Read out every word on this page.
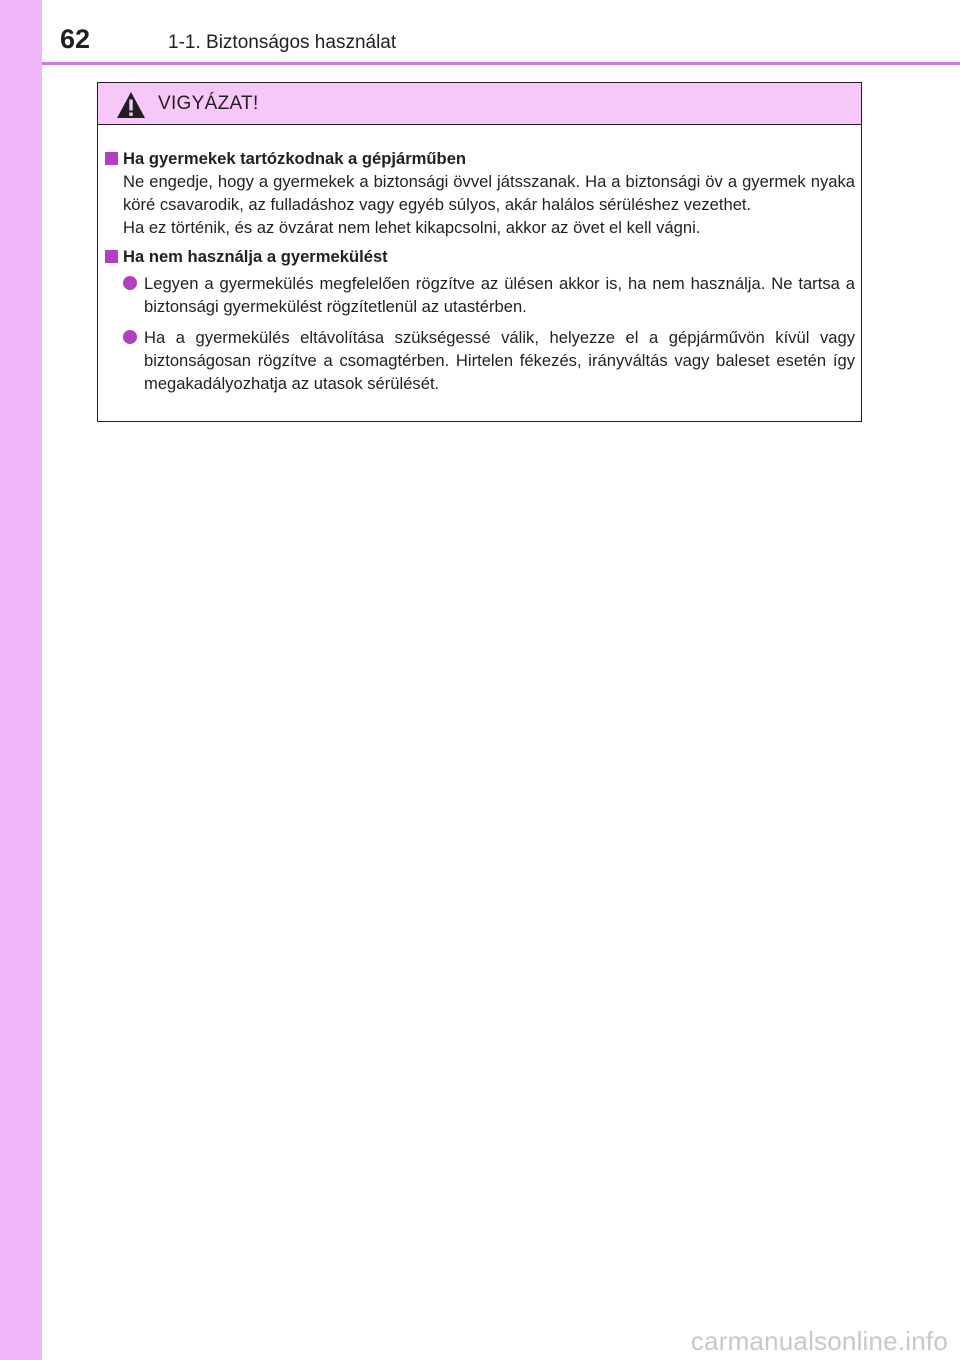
62	1-1. Biztonságos használat
VIGYÁZAT!
Ha gyermekek tartózkodnak a gépjárműben
Ne engedje, hogy a gyermekek a biztonsági övvel játsszanak. Ha a biztonsági öv a gyermek nyaka köré csavarodik, az fulladáshoz vagy egyéb súlyos, akár halálos sérüléshez vezethet.
Ha ez történik, és az övzárat nem lehet kikapcsolni, akkor az övet el kell vágni.
Ha nem használja a gyermekülést
Legyen a gyermekülés megfelelően rögzítve az ülésen akkor is, ha nem használja. Ne tartsa a biztonsági gyermekülést rögzítetlenül az utastérben.
Ha a gyermekülés eltávolítása szükségessé válik, helyezze el a gépjárművön kívül vagy biztonságosan rögzítve a csomagtérben. Hirtelen fékezés, irányváltás vagy baleset esetén így megakadályozhatja az utasok sérülését.
carmanualsonline.info
